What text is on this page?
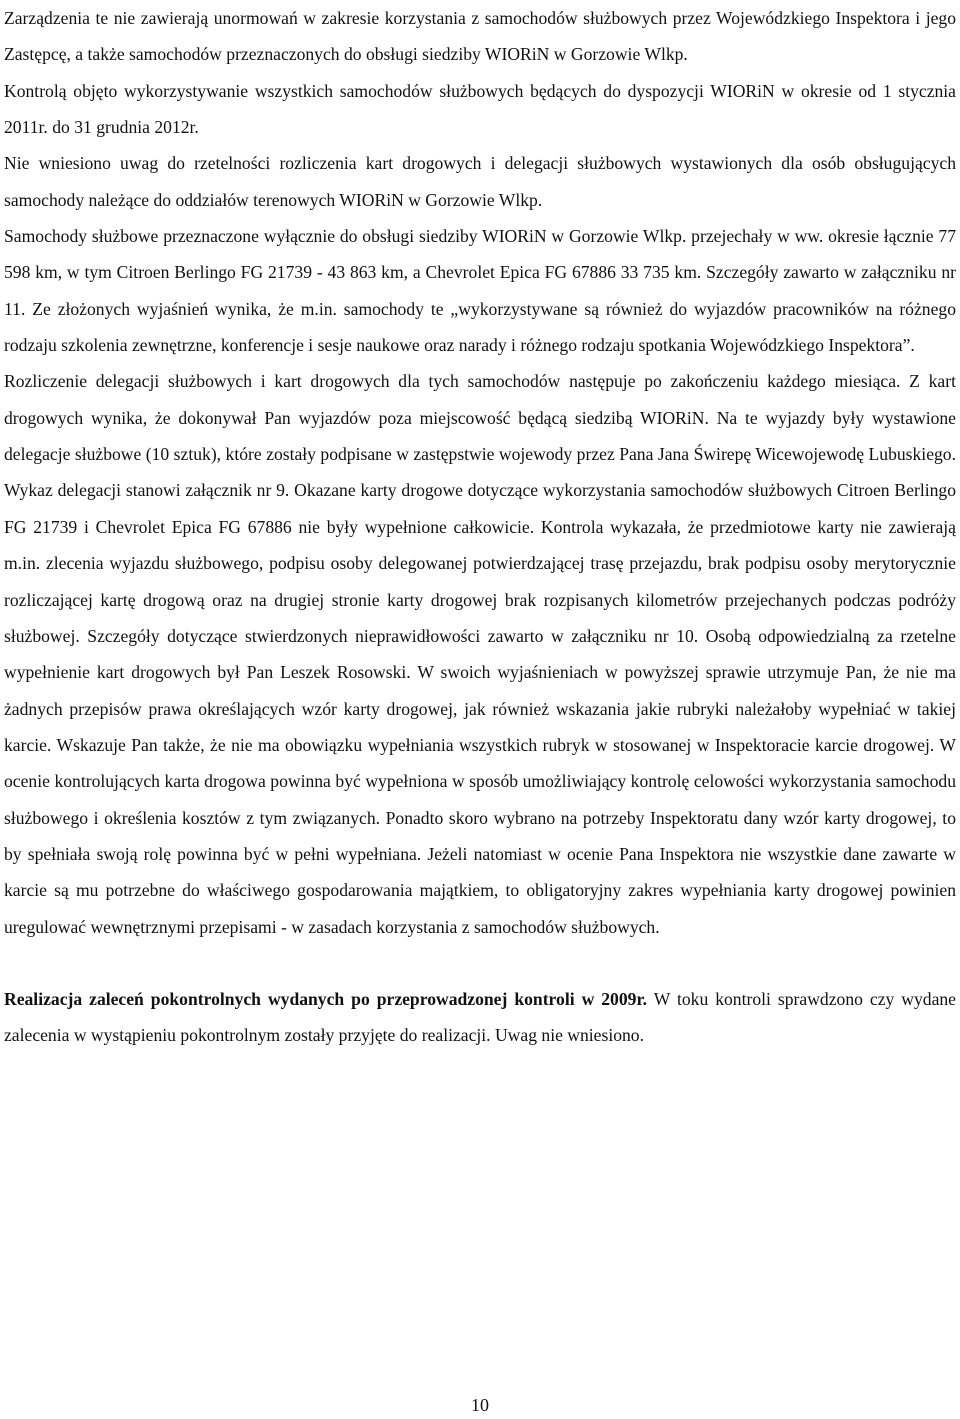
Zarządzenia te nie zawierają unormowań w zakresie korzystania z samochodów służbowych przez Wojewódzkiego Inspektora i jego Zastępcę, a także samochodów przeznaczonych do obsługi siedziby WIORiN w Gorzowie Wlkp.

Kontrolą objęto wykorzystywanie wszystkich samochodów służbowych będących do dyspozycji WIORiN w okresie od 1 stycznia 2011r. do 31 grudnia 2012r.

Nie wniesiono uwag do rzetelności rozliczenia kart drogowych i delegacji służbowych wystawionych dla osób obsługujących samochody należące do oddziałów terenowych WIORiN w Gorzowie Wlkp.

Samochody służbowe przeznaczone wyłącznie do obsługi siedziby WIORiN w Gorzowie Wlkp. przejechały w ww. okresie łącznie 77 598 km, w tym Citroen Berlingo FG 21739 - 43 863 km, a Chevrolet Epica FG 67886 33 735 km. Szczegóły zawarto w załączniku nr 11. Ze złożonych wyjaśnień wynika, że m.in. samochody te „wykorzystywane są również do wyjazdów pracowników na różnego rodzaju szkolenia zewnętrzne, konferencje i sesje naukowe oraz narady i różnego rodzaju spotkania Wojewódzkiego Inspektora”.

Rozliczenie delegacji służbowych i kart drogowych dla tych samochodów następuje po zakończeniu każdego miesiąca. Z kart drogowych wynika, że dokonywał Pan wyjazdów poza miejscowość będącą siedzibą WIORiN. Na te wyjazdy były wystawione delegacje służbowe (10 sztuk), które zostały podpisane w zastępstwie wojewody przez Pana Jana Świrepę Wicewojewodę Lubuskiego. Wykaz delegacji stanowi załącznik nr 9. Okazane karty drogowe dotyczące wykorzystania samochodów służbowych Citroen Berlingo FG 21739 i Chevrolet Epica FG 67886 nie były wypełnione całkowicie. Kontrola wykazała, że przedmiotowe karty nie zawierają m.in. zlecenia wyjazdu służbowego, podpisu osoby delegowanej potwierdzającej trasę przejazdu, brak podpisu osoby merytorycznie rozliczającej kartę drogową oraz na drugiej stronie karty drogowej brak rozpisanych kilometrów przejechanych podczas podróży służbowej. Szczegóły dotyczące stwierdzonych nieprawidłowości zawarto w załączniku nr 10. Osobą odpowiedzialną za rzetelne wypełnienie kart drogowych był Pan Leszek Rosowski. W swoich wyjaśnieniach w powyższej sprawie utrzymuje Pan, że nie ma żadnych przepisów prawa określających wzór karty drogowej, jak również wskazania jakie rubryki należałoby wypełniać w takiej karcie. Wskazuje Pan także, że nie ma obowiązku wypełniania wszystkich rubryk w stosowanej w Inspektoracie karcie drogowej. W ocenie kontrolujących karta drogowa powinna być wypełniona w sposób umożliwiający kontrolę celowości wykorzystania samochodu służbowego i określenia kosztów z tym związanych. Ponadto skoro wybrano na potrzeby Inspektoratu dany wzór karty drogowej, to by spełniała swoją rolę powinna być w pełni wypełniana. Jeżeli natomiast w ocenie Pana Inspektora nie wszystkie dane zawarte w karcie są mu potrzebne do właściwego gospodarowania majątkiem, to obligatoryjny zakres wypełniania karty drogowej powinien uregulować wewnętrznymi przepisami - w zasadach korzystania z samochodów służbowych.

Realizacja zaleceń pokontrolnych wydanych po przeprowadzonej kontroli w 2009r. W toku kontroli sprawdzono czy wydane zalecenia w wystąpieniu pokontrolnym zostały przyjęte do realizacji. Uwag nie wniesiono.

10
